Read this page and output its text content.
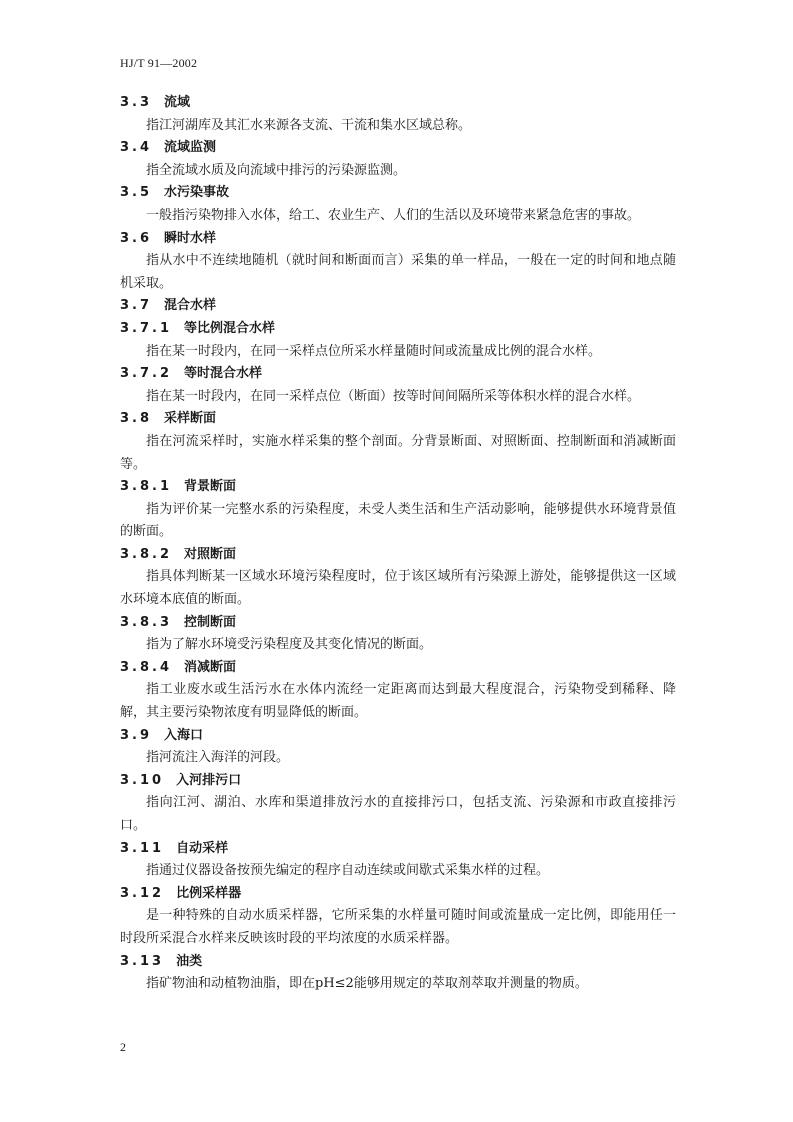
HJ/T 91—2002
3.3 流域

指江河湖库及其汇水来源各支流、干流和集水区域总称。

3.4 流域监测

指全流域水质及向流域中排污的污染源监测。

3.5 水污染事故

一般指污染物排入水体，给工、农业生产、人们的生活以及环境带来紧急危害的事故。

3.6 瞬时水样

指从水中不连续地随机（就时间和断面而言）采集的单一样品，一般在一定的时间和地点随机采取。

3.7 混合水样
3.7.1 等比例混合水样

指在某一时段内，在同一采样点位所采水样量随时间或流量成比例的混合水样。

3.7.2 等时混合水样

指在某一时段内，在同一采样点位（断面）按等时间间隔所采等体积水样的混合水样。

3.8 采样断面

指在河流采样时，实施水样采集的整个剖面。分背景断面、对照断面、控制断面和消减断面等。

3.8.1 背景断面

指为评价某一完整水系的污染程度，未受人类生活和生产活动影响，能够提供水环境背景值的断面。

3.8.2 对照断面

指具体判断某一区域水环境污染程度时，位于该区域所有污染源上游处，能够提供这一区域水环境本底值的断面。

3.8.3 控制断面

指为了解水环境受污染程度及其变化情况的断面。

3.8.4 消减断面

指工业废水或生活污水在水体内流经一定距离而达到最大程度混合，污染物受到稀释、降解，其主要污染物浓度有明显降低的断面。

3.9 入海口

指河流注入海洋的河段。

3.10 入河排污口

指向江河、湖泊、水库和渠道排放污水的直接排污口，包括支流、污染源和市政直接排污口。

3.11 自动采样

指通过仪器设备按预先编定的程序自动连续或间歇式采集水样的过程。

3.12 比例采样器

是一种特殊的自动水质采样器，它所采集的水样量可随时间或流量成一定比例，即能用任一时段所采混合水样来反映该时段的平均浓度的水质采样器。

3.13 油类

指矿物油和动植物油脂，即在pH≤2能够用规定的萃取剂萃取并测量的物质。

2
